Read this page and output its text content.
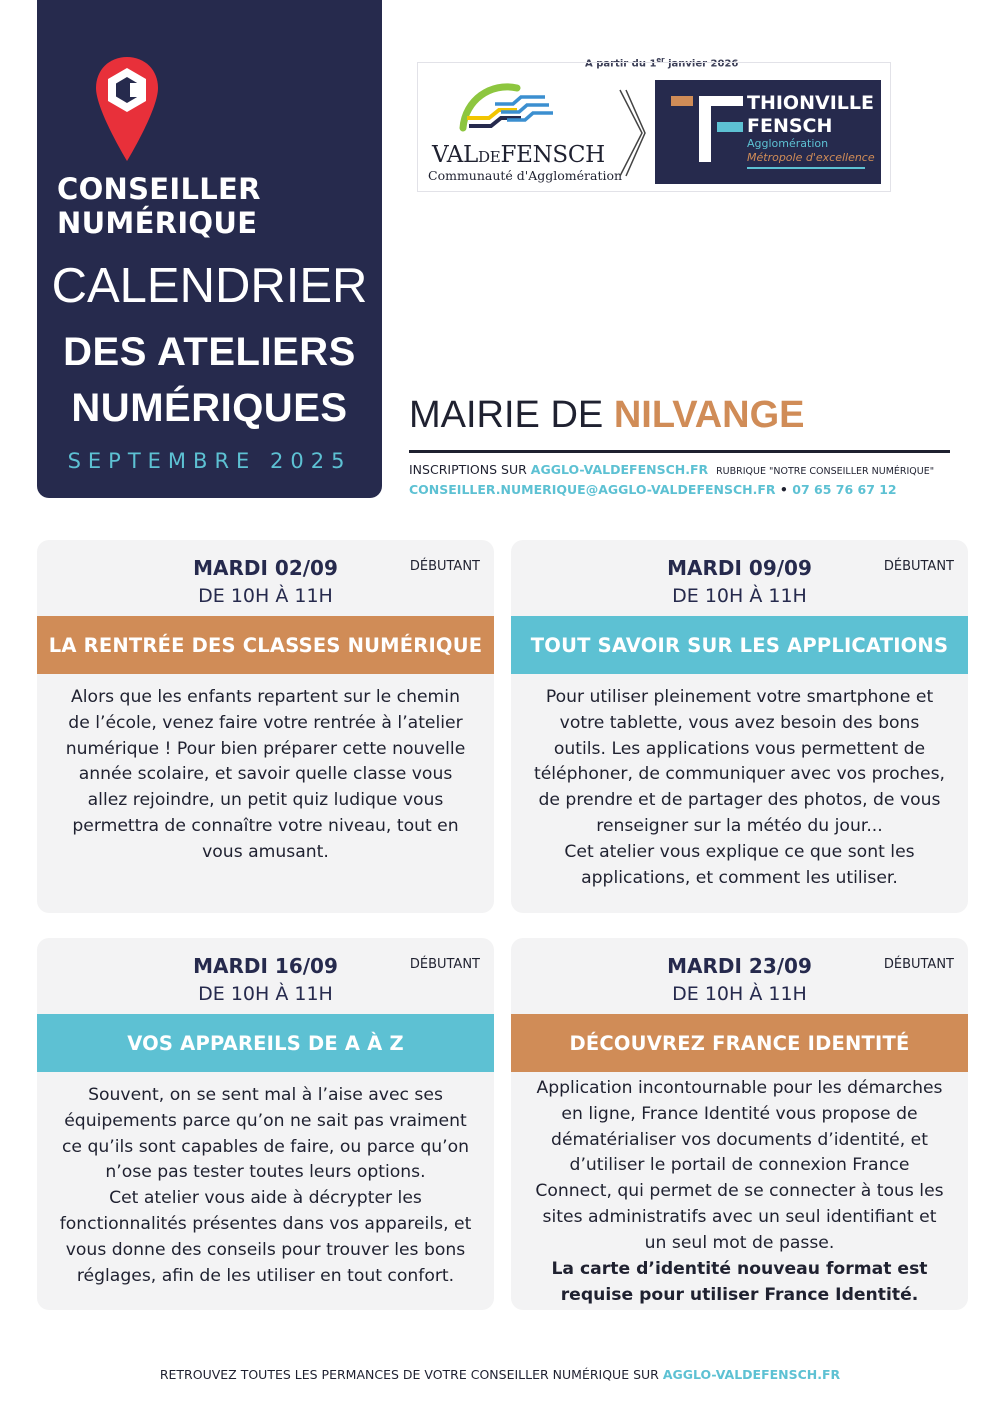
CONSEILLER
NUMÉRIQUE
CALENDRIER
DES ATELIERS
NUMÉRIQUES
SEPTEMBRE 2025
A partir du 1er janvier 2026
VALDEFENSCH
Communauté d'Agglomération
THIONVILLE
FENSCH
Agglomération
Métropole d'excellence
MAIRIE DE NILVANGE
INSCRIPTIONS SUR AGGLO-VALDEFENSCH.FR RUBRIQUE "NOTRE CONSEILLER NUMÉRIQUE"
CONSEILLER.NUMERIQUE@AGGLO-VALDEFENSCH.FR • 07 65 76 67 12
MARDI 02/09
DE 10H À 11H
DÉBUTANT
LA RENTRÉE DES CLASSES NUMÉRIQUE
Alors que les enfants repartent sur le chemin
de l’école, venez faire votre rentrée à l’atelier
numérique ! Pour bien préparer cette nouvelle
année scolaire, et savoir quelle classe vous
allez rejoindre, un petit quiz ludique vous
permettra de connaître votre niveau, tout en
vous amusant.
MARDI 09/09
DE 10H À 11H
DÉBUTANT
TOUT SAVOIR SUR LES APPLICATIONS
Pour utiliser pleinement votre smartphone et
votre tablette, vous avez besoin des bons
outils. Les applications vous permettent de
téléphoner, de communiquer avec vos proches,
de prendre et de partager des photos, de vous
renseigner sur la météo du jour...
Cet atelier vous explique ce que sont les
applications, et comment les utiliser.
MARDI 16/09
DE 10H À 11H
DÉBUTANT
VOS APPAREILS DE A À Z
Souvent, on se sent mal à l’aise avec ses
équipements parce qu’on ne sait pas vraiment
ce qu’ils sont capables de faire, ou parce qu’on
n’ose pas tester toutes leurs options.
Cet atelier vous aide à décrypter les
fonctionnalités présentes dans vos appareils, et
vous donne des conseils pour trouver les bons
réglages, afin de les utiliser en tout confort.
MARDI 23/09
DE 10H À 11H
DÉBUTANT
DÉCOUVREZ FRANCE IDENTITÉ
Application incontournable pour les démarches
en ligne, France Identité vous propose de
dématérialiser vos documents d’identité, et
d’utiliser le portail de connexion France
Connect, qui permet de se connecter à tous les
sites administratifs avec un seul identifiant et
un seul mot de passe.
La carte d’identité nouveau format est
requise pour utiliser France Identité.
RETROUVEZ TOUTES LES PERMANCES DE VOTRE CONSEILLER NUMÉRIQUE SUR AGGLO-VALDEFENSCH.FR
